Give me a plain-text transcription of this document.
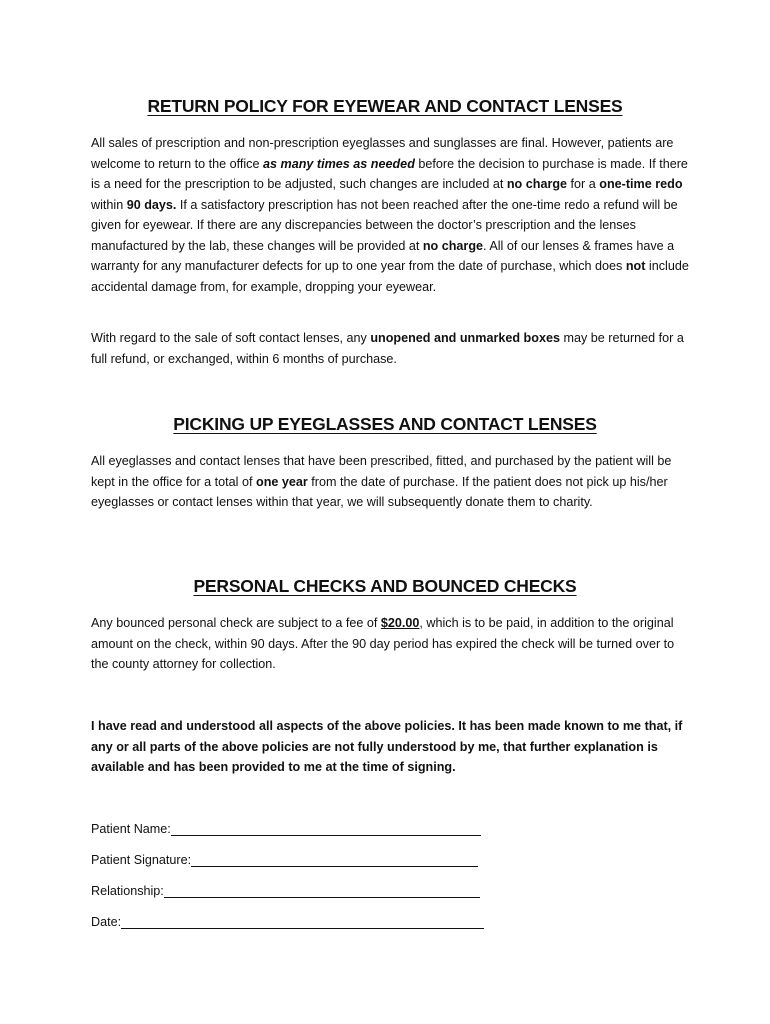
RETURN POLICY FOR EYEWEAR AND CONTACT LENSES

All sales of prescription and non-prescription eyeglasses and sunglasses are final. However, patients are welcome to return to the office as many times as needed before the decision to purchase is made. If there is a need for the prescription to be adjusted, such changes are included at no charge for a one-time redo within 90 days. If a satisfactory prescription has not been reached after the one-time redo a refund will be given for eyewear. If there are any discrepancies between the doctor’s prescription and the lenses manufactured by the lab, these changes will be provided at no charge. All of our lenses & frames have a warranty for any manufacturer defects for up to one year from the date of purchase, which does not include accidental damage from, for example, dropping your eyewear.

With regard to the sale of soft contact lenses, any unopened and unmarked boxes may be returned for a full refund, or exchanged, within 6 months of purchase.

PICKING UP EYEGLASSES AND CONTACT LENSES

All eyeglasses and contact lenses that have been prescribed, fitted, and purchased by the patient will be kept in the office for a total of one year from the date of purchase. If the patient does not pick up his/her eyeglasses or contact lenses within that year, we will subsequently donate them to charity.

PERSONAL CHECKS AND BOUNCED CHECKS

Any bounced personal check are subject to a fee of $20.00, which is to be paid, in addition to the original amount on the check, within 90 days. After the 90 day period has expired the check will be turned over to the county attorney for collection.

I have read and understood all aspects of the above policies. It has been made known to me that, if any or all parts of the above policies are not fully understood by me, that further explanation is available and has been provided to me at the time of signing.

Patient Name:
Patient Signature:
Relationship:
Date:
